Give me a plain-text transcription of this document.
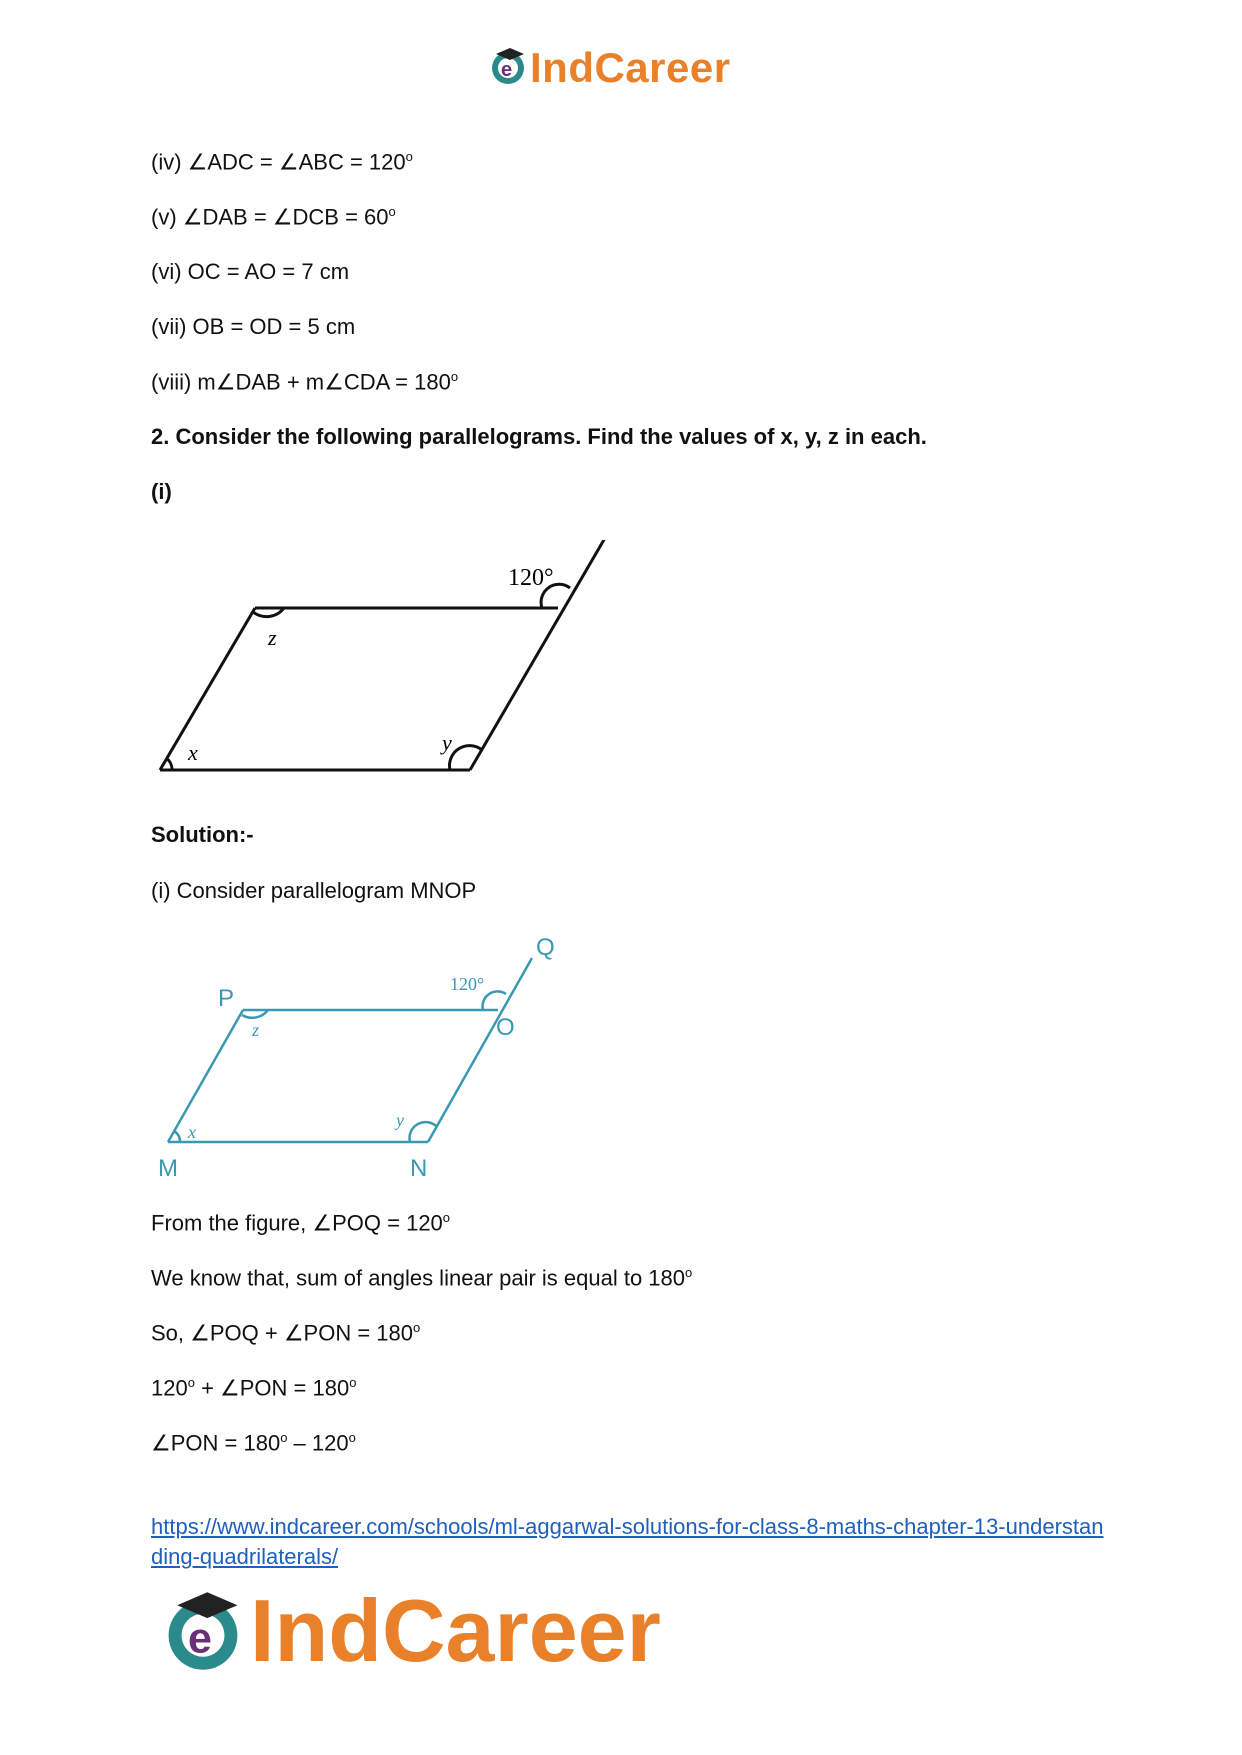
e IndCareer
(iv) ∠ADC = ∠ABC = $120^o$
(v) ∠DAB = ∠DCB = $60^o$
(vi) OC = AO = 7 cm
(vii) OB = OD = 5 cm
(viii) m∠DAB + m∠CDA = $180^o$
2. Consider the following parallelograms. Find the values of x, y, z in each.
(i)
120°
z
x	y
Solution:-
(i) Consider parallelogram MNOP
P
O
Q
M	N
120°
z
x
y
From the figure, ∠POQ = $120^o$
We know that, sum of angles linear pair is equal to 180$^o$
So, ∠POQ + ∠PON = $180^o$
$120^o$ + ∠PON = $180^o$
∠PON = $180^o - 120^o$
https://www.indcareer.com/schools/ml-aggarwal-solutions-for-class-8-maths-chapter-13-understanding-quadrilaterals/
e IndCareer
